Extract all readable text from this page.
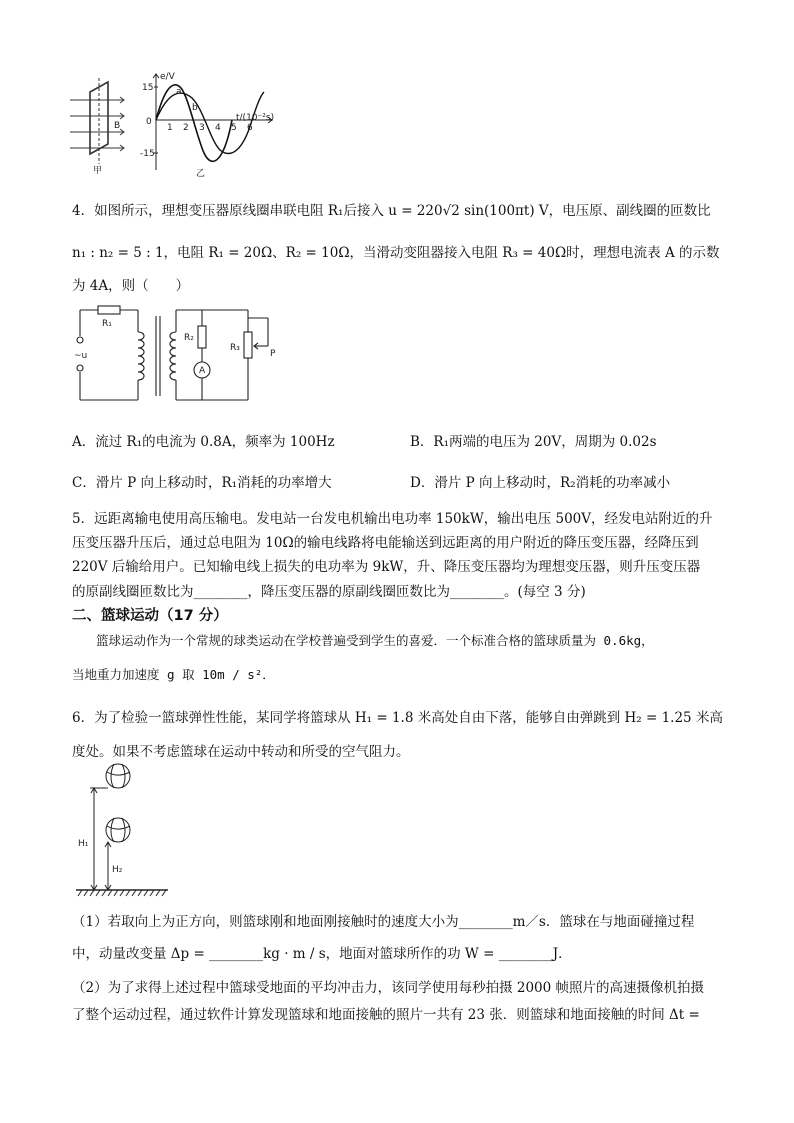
B
甲
e/V
15
-15
0
1 2 3 4 5 6
t/(10⁻²s)
a
b
乙
4．如图所示，理想变压器原线圈串联电阻 R₁后接入 u = 220√2 sin(100πt) V，电压原、副线圈的匝数比
n₁ : n₂ = 5 : 1，电阻 R₁ = 20Ω、R₂ = 10Ω，当滑动变阻器接入电阻 R₃ = 40Ω时，理想电流表 A 的示数
为 4A，则（　　）
R₁
~u
R₂
A
R₃
P
A．流过 R₁的电流为 0.8A，频率为 100Hz	B．R₁两端的电压为 20V，周期为 0.02s
C．滑片 P 向上移动时，R₁消耗的功率增大	D．滑片 P 向上移动时，R₂消耗的功率减小
5．远距离输电使用高压输电。发电站一台发电机输出电功率 150kW，输出电压 500V，经发电站附近的升
压变压器升压后，通过总电阻为 10Ω的输电线路将电能输送到远距离的用户附近的降压变压器，经降压到
220V 后输给用户。已知输电线上损失的电功率为 9kW，升、降压变压器均为理想变压器，则升压变压器
的原副线圈匝数比为________，降压变压器的原副线圈匝数比为________。(每空 3 分)
二、篮球运动（17 分）
篮球运动作为一个常规的球类运动在学校普遍受到学生的喜爱．一个标准合格的篮球质量为 0.6kg，
当地重力加速度 g 取 10m / s²．
6．为了检验一篮球弹性性能，某同学将篮球从 H₁ = 1.8 米高处自由下落，能够自由弹跳到 H₂ = 1.25 米高
度处。如果不考虑篮球在运动中转动和所受的空气阻力。
H₁
H₂
（1）若取向上为正方向，则篮球刚和地面刚接触时的速度大小为________m／s．篮球在与地面碰撞过程
中，动量改变量 Δp = ________kg · m / s，地面对篮球所作的功 W = ________J．
（2）为了求得上述过程中篮球受地面的平均冲击力，该同学使用每秒拍摄 2000 帧照片的高速摄像机拍摄
了整个运动过程，通过软件计算发现篮球和地面接触的照片一共有 23 张．则篮球和地面接触的时间 Δt =
